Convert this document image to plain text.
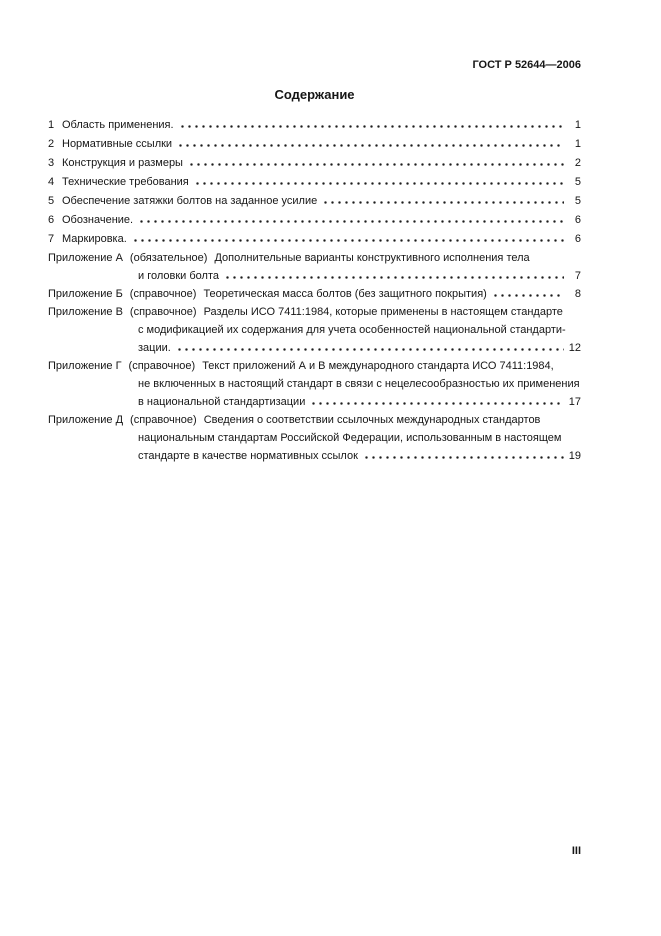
ГОСТ Р 52644—2006
Содержание
1 Область применения.	1
2 Нормативные ссылки	1
3 Конструкция и размеры	2
4 Технические требования	5
5 Обеспечение затяжки болтов на заданное усилие	5
6 Обозначение.	6
7 Маркировка.	6
Приложение А (обязательное) Дополнительные варианты конструктивного исполнения тела
и головки болта	7
Приложение Б (справочное) Теоретическая масса болтов (без защитного покрытия)	8
Приложение В (справочное) Разделы ИСО 7411:1984, которые применены в настоящем стандарте
с модификацией их содержания для учета особенностей национальной стандарти-
зации.	12
Приложение Г (справочное) Текст приложений А и В международного стандарта ИСО 7411:1984,
не включенных в настоящий стандарт в связи с нецелесообразностью их применения
в национальной стандартизации	17
Приложение Д (справочное) Сведения о соответствии ссылочных международных стандартов
национальным стандартам Российской Федерации, использованным в настоящем
стандарте в качестве нормативных ссылок	19
III
